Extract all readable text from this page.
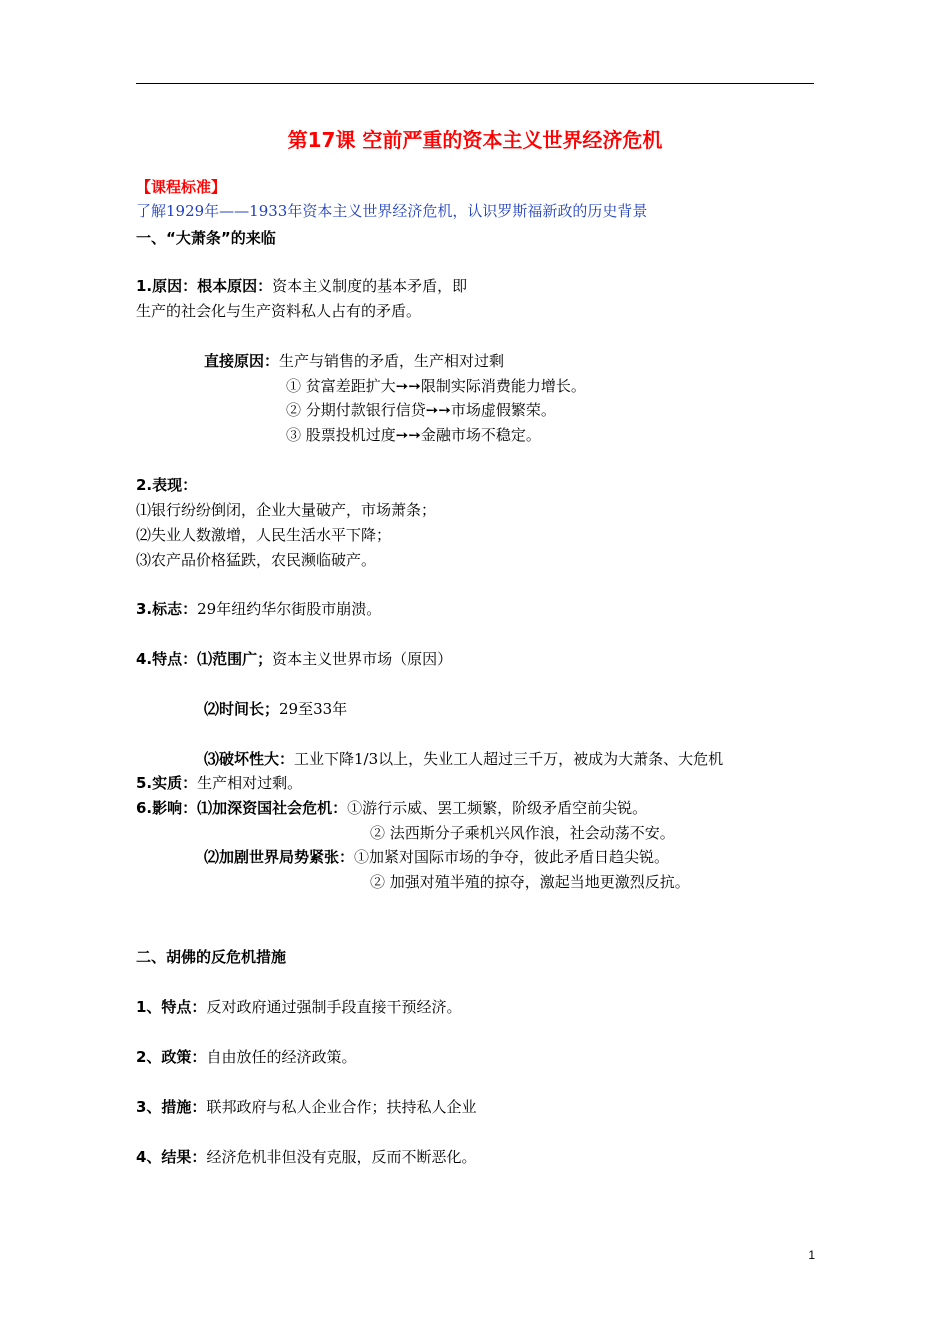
第17课 空前严重的资本主义世界经济危机
【课程标准】
了解1929年——1933年资本主义世界经济危机，认识罗斯福新政的历史背景
一、“大萧条”的来临
1.原因：根本原因：资本主义制度的基本矛盾，即
生产的社会化与生产资料私人占有的矛盾。
直接原因：生产与销售的矛盾，生产相对过剩
① 贫富差距扩大➙➙限制实际消费能力增长。
② 分期付款银行信贷➙➙市场虚假繁荣。
③ 股票投机过度➙➙金融市场不稳定。
2.表现：
⑴银行纷纷倒闭，企业大量破产，市场萧条；
⑵失业人数激增，人民生活水平下降；
⑶农产品价格猛跌，农民濒临破产。
3.标志：29年纽约华尔街股市崩溃。
4.特点：⑴范围广；资本主义世界市场（原因）
⑵时间长；29至33年
⑶破坏性大：工业下降1/3以上，失业工人超过三千万，被成为大萧条、大危机
5.实质：生产相对过剩。
6.影响：⑴加深资国社会危机：①游行示威、罢工频繁，阶级矛盾空前尖锐。
② 法西斯分子乘机兴风作浪，社会动荡不安。
⑵加剧世界局势紧张：①加紧对国际市场的争夺，彼此矛盾日趋尖锐。
② 加强对殖半殖的掠夺，激起当地更激烈反抗。
二、胡佛的反危机措施
1、特点：反对政府通过强制手段直接干预经济。
2、政策：自由放任的经济政策。
3、措施：联邦政府与私人企业合作；扶持私人企业
4、结果：经济危机非但没有克服，反而不断恶化。
1
